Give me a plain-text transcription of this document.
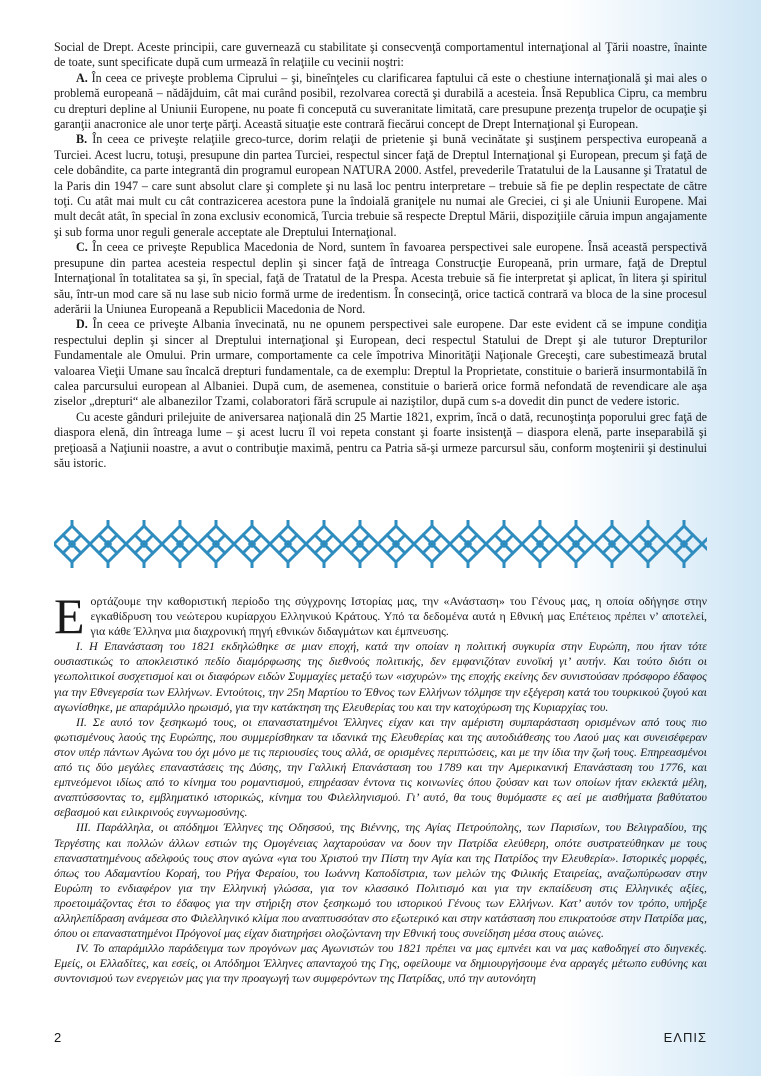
Social de Drept. Aceste principii, care guvernează cu stabilitate şi consecvenţă comportamentul internaţional al Ţării noastre, înainte de toate, sunt specificate după cum urmează în relaţiile cu vecinii noştri:

A. În ceea ce priveşte problema Ciprului – şi, bineînţeles cu clarificarea faptului că este o chestiune internaţională şi mai ales o problemă europeană – nădăjduim, cât mai curând posibil, rezolvarea corectă şi durabilă a acesteia. Însă Republica Cipru, ca membru cu drepturi depline al Uniunii Europene, nu poate fi concepută cu suveranitate limitată, care presupune prezenţa trupelor de ocupaţie şi garanţii anacronice ale unor terţe părţi. Această situaţie este contrară fiecărui concept de Drept Internaţional şi European.

B. În ceea ce priveşte relaţiile greco-turce, dorim relaţii de prietenie şi bună vecinătate şi susţinem perspectiva europeană a Turciei. Acest lucru, totuşi, presupune din partea Turciei, respectul sincer faţă de Dreptul Internaţional şi European, precum şi faţă de cele dobândite, ca parte integrantă din programul european NATURA 2000. Astfel, prevederile Tratatului de la Lausanne şi Tratatul de la Paris din 1947 – care sunt absolut clare şi complete şi nu lasă loc pentru interpretare – trebuie să fie pe deplin respectate de către toţi. Cu atât mai mult cu cât contrazicerea acestora pune la îndoială graniţele nu numai ale Greciei, ci şi ale Uniunii Europene. Mai mult decât atât, în special în zona exclusiv economică, Turcia trebuie să respecte Dreptul Mării, dispoziţiile căruia impun angajamente şi sub forma unor reguli generale acceptate ale Dreptului Internaţional.

C. În ceea ce priveşte Republica Macedonia de Nord, suntem în favoarea perspectivei sale europene. Însă această perspectivă presupune din partea acesteia respectul deplin şi sincer faţă de întreaga Construcţie Europeană, prin urmare, faţă de Dreptul Internaţional în totalitatea sa şi, în special, faţă de Tratatul de la Prespa. Acesta trebuie să fie interpretat şi aplicat, în litera şi spiritul său, într-un mod care să nu lase sub nicio formă urme de iredentism. În consecinţă, orice tactică contrară va bloca de la sine procesul aderării la Uniunea Europeană a Republicii Macedonia de Nord.

D. În ceea ce priveşte Albania învecinată, nu ne opunem perspectivei sale europene. Dar este evident că se impune condiţia respectului deplin şi sincer al Dreptului internaţional şi European, deci respectul Statului de Drept şi ale tuturor Drepturilor Fundamentale ale Omului. Prin urmare, comportamente ca cele împotriva Minorităţii Naţionale Greceşti, care subestimează brutal valoarea Vieţii Umane sau încalcă drepturi fundamentale, ca de exemplu: Dreptul la Proprietate, constituie o barieră insurmontabilă în calea parcursului european al Albaniei. După cum, de asemenea, constituie o barieră orice formă nefondată de revendicare ale aşa ziselor „drepturi“ ale albanezilor Tzami, colaboratori fără scrupule ai naziştilor, după cum s-a dovedit din punct de vedere istoric.

Cu aceste gânduri prilejuite de aniversarea naţională din 25 Martie 1821, exprim, încă o dată, recunoştinţa poporului grec faţă de diaspora elenă, din întreaga lume – şi acest lucru îl voi repeta constant şi foarte insistenţă – diaspora elenă, parte inseparabilă şi preţioasă a Naţiunii noastre, a avut o contribuţie maximă, pentru ca Patria să-şi urmeze parcursul său, conform moştenirii şi destinului său istoric.

Εορτάζουμε την καθοριστική περίοδο της σύγχρονης Ιστορίας μας, την «Ανάσταση» του Γένους μας, η οποία οδήγησε στην εγκαθίδρυση του νεώτερου κυρίαρχου Ελληνικού Κράτους. Υπό τα δεδομένα αυτά η Εθνική μας Επέτειος πρέπει ν’ αποτελεί, για κάθε Έλληνα μια διαχρονική πηγή εθνικών διδαγμάτων και έμπνευσης.

Ι. Η Επανάσταση του 1821 εκδηλώθηκε σε μιαν εποχή, κατά την οποίαν η πολιτική συγκυρία στην Ευρώπη, που ήταν τότε ουσιαστικώς το αποκλειστικό πεδίο διαμόρφωσης της διεθνούς πολιτικής, δεν εμφανιζόταν ευνοϊκή γι’ αυτήν. Και τούτο διότι οι γεωπολιτικοί συσχετισμοί και οι διαφόρων ειδών Συμμαχίες μεταξύ των «ισχυρών» της εποχής εκείνης δεν συνιστούσαν πρόσφορο έδαφος για την Εθνεγερσία των Ελλήνων. Εντούτοις, την 25η Μαρτίου το Έθνος των Ελλήνων τόλμησε την εξέγερση κατά του τουρκικού ζυγού και αγωνίσθηκε, με απαράμιλλο ηρωισμό, για την κατάκτηση της Ελευθερίας του και την κατοχύρωση της Κυριαρχίας του.

ΙΙ. Σε αυτό τον ξεσηκωμό τους, οι επαναστατημένοι Έλληνες είχαν και την αμέριστη συμπαράσταση ορισμένων από τους πιο φωτισμένους λαούς της Ευρώπης, που συμμερίσθηκαν τα ιδανικά της Ελευθερίας και της αυτοδιάθεσης του Λαού μας και συνεισέφεραν στον υπέρ πάντων Αγώνα του όχι μόνο με τις περιουσίες τους αλλά, σε ορισμένες περιπτώσεις, και με την ίδια την ζωή τους. Επηρεασμένοι από τις δύο μεγάλες επαναστάσεις της Δύσης, την Γαλλική Επανάσταση του 1789 και την Αμερικανική Επανάσταση του 1776, και εμπνεόμενοι ιδίως από το κίνημα του ρομαντισμού, επηρέασαν έντονα τις κοινωνίες όπου ζούσαν και των οποίων ήταν εκλεκτά μέλη, αναπτύσσοντας το, εμβληματικό ιστορικώς, κίνημα του Φιλελληνισμού. Γι’ αυτό, θα τους θυμόμαστε ες αεί με αισθήματα βαθύτατου σεβασμού και ειλικρινούς ευγνωμοσύνης.

ΙΙΙ. Παράλληλα, οι απόδημοι Έλληνες της Οδησσού, της Βιέννης, της Αγίας Πετρούπολης, των Παρισίων, του Βελιγραδίου, της Τεργέστης και πολλών άλλων εστιών της Ομογένειας λαχταρούσαν να δουν την Πατρίδα ελεύθερη, οπότε συστρατεύθηκαν με τους επαναστατημένους αδελφούς τους στον αγώνα «για του Χριστού την Πίστη την Αγία και της Πατρίδος την Ελευθερία». Ιστορικές μορφές, όπως του Αδαμαντίου Κοραή, του Ρήγα Φεραίου, του Ιωάννη Καποδίστρια, των μελών της Φιλικής Εταιρείας, αναζωπύρωσαν στην Ευρώπη το ενδιαφέρον για την Ελληνική γλώσσα, για τον κλασσικό Πολιτισμό και για την εκπαίδευση στις Ελληνικές αξίες, προετοιμάζοντας έτσι το έδαφος για την στήριξη στον ξεσηκωμό του ιστορικού Γένους των Ελλήνων. Κατ’ αυτόν τον τρόπο, υπήρξε αλληλεπίδραση ανάμεσα στο Φιλελληνικό κλίμα που αναπτυσσόταν στο εξωτερικό και στην κατάσταση που επικρατούσε στην Πατρίδα μας, όπου οι επαναστατημένοι Πρόγονοί μας είχαν διατηρήσει ολοζώντανη την Εθνική τους συνείδηση μέσα στους αιώνες.

ΙV. Το απαράμιλλο παράδειγμα των προγόνων μας Αγωνιστών του 1821 πρέπει να μας εμπνέει και να μας καθοδηγεί στο διηνεκές. Εμείς, οι Ελλαδίτες, και εσείς, οι Απόδημοι Έλληνες απανταχού της Γης, οφείλουμε να δημιουργήσουμε ένα αρραγές μέτωπο ευθύνης και συντονισμού των ενεργειών μας για την προαγωγή των συμφερόντων της Πατρίδας, υπό την αυτονόητη

2	ΕΛΠΙΣ
